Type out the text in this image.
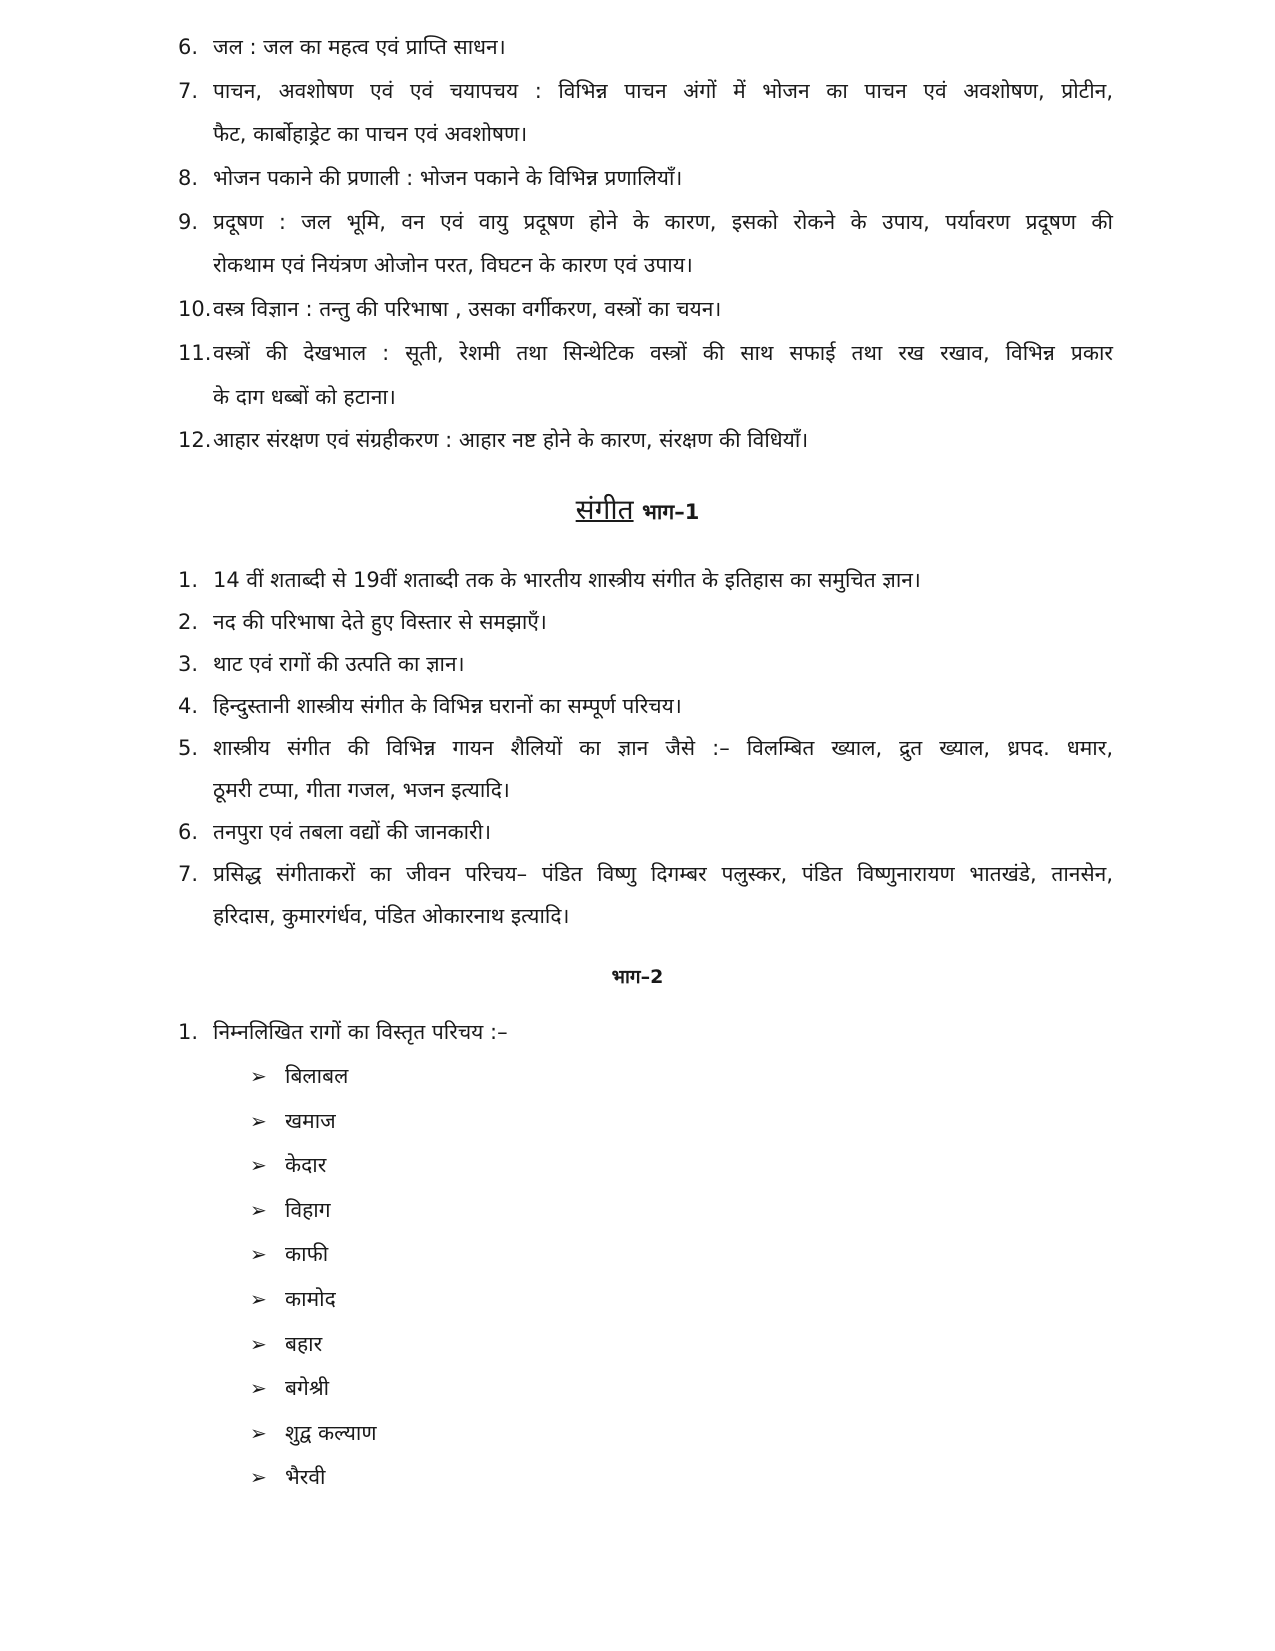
6. जल : जल का महत्व एवं प्राप्ति साधन।
7. पाचन, अवशोषण एवं एवं चयापचय : विभिन्न पाचन अंगों में भोजन का पाचन एवं अवशोषण, प्रोटीन,
फैट, कार्बोहाड्रेट का पाचन एवं अवशोषण।
8. भोजन पकाने की प्रणाली : भोजन पकाने के विभिन्न प्रणालियाँ।
9. प्रदूषण : जल भूमि, वन एवं वायु प्रदूषण होने के कारण, इसको रोकने के उपाय, पर्यावरण प्रदूषण की
रोकथाम एवं नियंत्रण ओजोन परत, विघटन के कारण एवं उपाय।
10. वस्त्र विज्ञान : तन्तु की परिभाषा , उसका वर्गीकरण, वस्त्रों का चयन।
11. वस्त्रों की देखभाल : सूती, रेशमी तथा सिन्थेटिक वस्त्रों की साथ सफाई तथा रख रखाव, विभिन्न प्रकार
के दाग धब्बों को हटाना।
12. आहार संरक्षण एवं संग्रहीकरण : आहार नष्ट होने के कारण, संरक्षण की विधियाँ।
संगीत भाग–1
1. 14 वीं शताब्दी से 19वीं शताब्दी तक के भारतीय शास्त्रीय संगीत के इतिहास का समुचित ज्ञान।
2. नद की परिभाषा देते हुए विस्तार से समझाएँ।
3. थाट एवं रागों की उत्पति का ज्ञान।
4. हिन्दुस्तानी शास्त्रीय संगीत के विभिन्न घरानों का सम्पूर्ण परिचय।
5. शास्त्रीय संगीत की विभिन्न गायन शैलियों का ज्ञान जैसे :– विलम्बित ख्याल, द्रुत ख्याल, ध्रपद. धमार,
ठूमरी टप्पा, गीता गजल, भजन इत्यादि।
6. तनपुरा एवं तबला वद्यों की जानकारी।
7. प्रसिद्ध संगीताकरों का जीवन परिचय– पंडित विष्णु दिगम्बर पलुस्कर, पंडित विष्णुनारायण भातखंडे, तानसेन,
हरिदास, कुमारगंर्धव, पंडित ओकारनाथ इत्यादि।
भाग–2
1. निम्नलिखित रागों का विस्तृत परिचय :–
➢ बिलाबल
➢ खमाज
➢ केदार
➢ विहाग
➢ काफी
➢ कामोद
➢ बहार
➢ बगेश्री
➢ शुद्व कल्याण
➢ भैरवी
